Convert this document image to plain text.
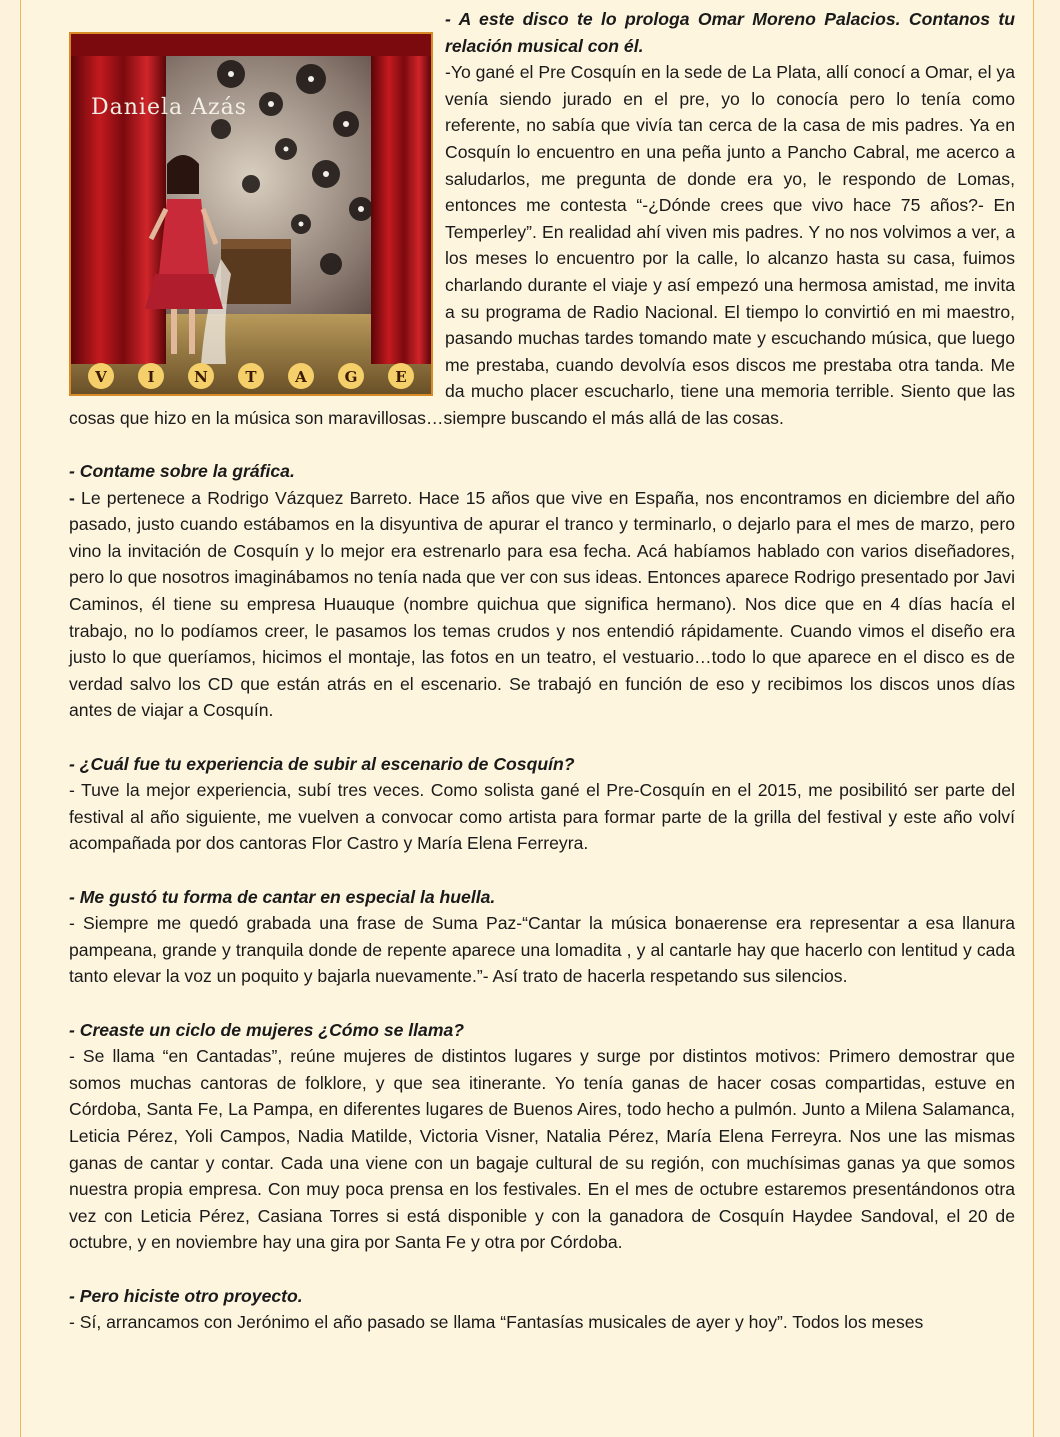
Daniela Azás
V	I	N	T	A	G	E
- A este disco te lo prologa Omar Moreno Palacios. Contanos tu relación musical con él.
-Yo gané el Pre Cosquín en la sede de La Plata, allí conocí a Omar, el ya venía siendo jurado en el pre, yo lo conocía pero lo tenía como referente, no sabía que vivía tan cerca de la casa de mis padres. Ya en Cosquín lo encuentro en una peña junto a Pancho Cabral, me acerco a saludarlos, me pregunta de donde era yo, le respondo de Lomas, entonces me contesta “-¿Dónde crees que vivo hace 75 años?- En Temperley”. En realidad ahí viven mis padres. Y no nos volvimos a ver, a los meses lo encuentro por la calle, lo alcanzo hasta su casa, fuimos charlando durante el viaje y así empezó una hermosa amistad, me invita a su programa de Radio Nacional. El tiempo lo convirtió en mi maestro, pasando muchas tardes tomando mate y escuchando música, que luego me prestaba, cuando devolvía esos discos me prestaba otra tanda. Me da mucho placer escucharlo, tiene una memoria terrible. Siento que las cosas que hizo en la música son maravillosas…siempre buscando el más allá de las cosas.
- Contame sobre la gráfica.
- Le pertenece a Rodrigo Vázquez Barreto. Hace 15 años que vive en España, nos encontramos en diciembre del año pasado, justo cuando estábamos en la disyuntiva de apurar el tranco y terminarlo, o dejarlo para el mes de marzo, pero vino la invitación de Cosquín y lo mejor era estrenarlo para esa fecha. Acá habíamos hablado con varios diseñadores, pero lo que nosotros imaginábamos no tenía nada que ver con sus ideas. Entonces aparece Rodrigo presentado por Javi Caminos, él tiene su empresa Huauque (nombre quichua que significa hermano). Nos dice que en 4 días hacía el trabajo, no lo podíamos creer, le pasamos los temas crudos y nos entendió rápidamente. Cuando vimos el diseño era justo lo que queríamos, hicimos el montaje, las fotos en un teatro, el vestuario…todo lo que aparece en el disco es de verdad salvo los CD que están atrás en el escenario. Se trabajó en función de eso y recibimos los discos unos días antes de viajar a Cosquín.
- ¿Cuál fue tu experiencia de subir al escenario de Cosquín?
- Tuve la mejor experiencia, subí tres veces. Como solista gané el Pre-Cosquín en el 2015, me posibilitó ser parte del festival al año siguiente, me vuelven a convocar como artista para formar parte de la grilla del festival y este año volví acompañada por dos cantoras Flor Castro y María Elena Ferreyra.
- Me gustó tu forma de cantar en especial la huella.
- Siempre me quedó grabada una frase de Suma Paz-“Cantar la música bonaerense era representar a esa llanura pampeana, grande y tranquila donde de repente aparece una lomadita , y al cantarle hay que hacerlo con lentitud y cada tanto elevar la voz un poquito y bajarla nuevamente.”- Así trato de hacerla respetando sus silencios.
- Creaste un ciclo de mujeres ¿Cómo se llama?
- Se llama “en Cantadas”, reúne mujeres de distintos lugares y surge por distintos motivos: Primero demostrar que somos muchas cantoras de folklore, y que sea itinerante. Yo tenía ganas de hacer cosas compartidas, estuve en Córdoba, Santa Fe, La Pampa, en diferentes lugares de Buenos Aires, todo hecho a pulmón. Junto a Milena Salamanca, Leticia Pérez, Yoli Campos, Nadia Matilde, Victoria Visner, Natalia Pérez, María Elena Ferreyra. Nos une las mismas ganas de cantar y contar. Cada una viene con un bagaje cultural de su región, con muchísimas ganas ya que somos nuestra propia empresa. Con muy poca prensa en los festivales. En el mes de octubre estaremos presentándonos otra vez con Leticia Pérez, Casiana Torres si está disponible y con la ganadora de Cosquín Haydee Sandoval, el 20 de octubre, y en noviembre hay una gira por Santa Fe y otra por Córdoba.
- Pero hiciste otro proyecto.
- Sí, arrancamos con Jerónimo el año pasado se llama “Fantasías musicales de ayer y hoy”. Todos los meses
